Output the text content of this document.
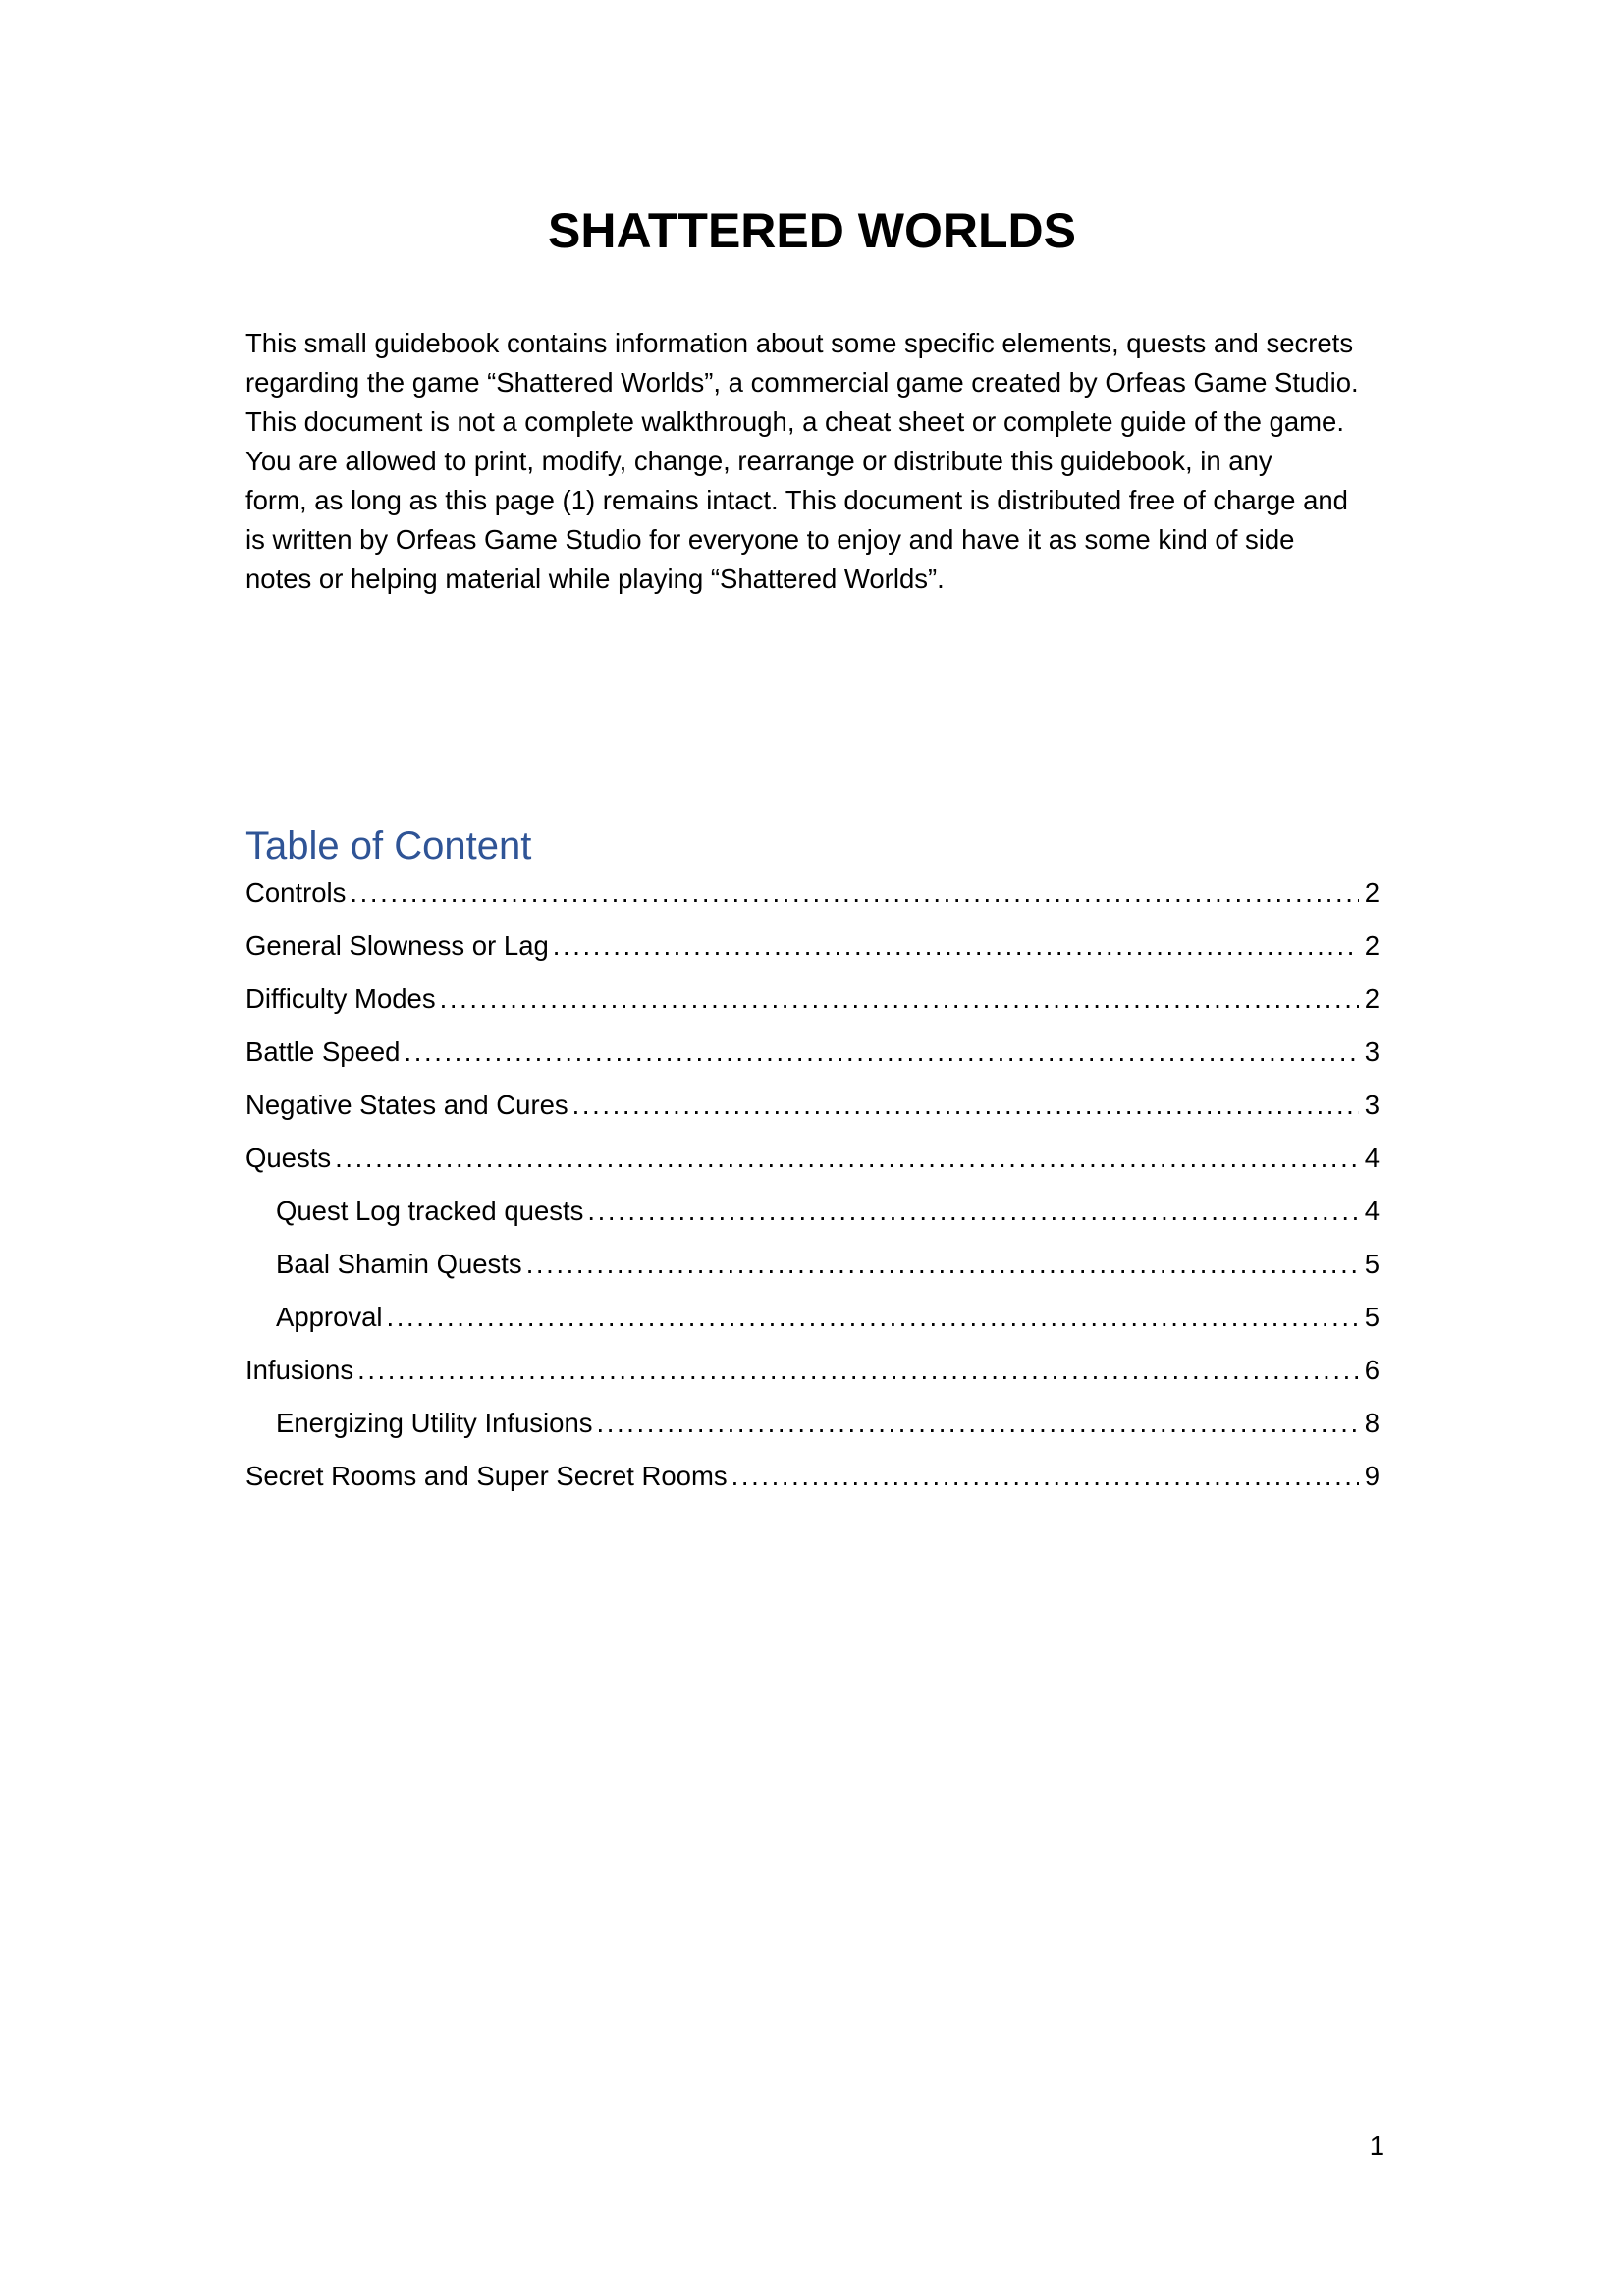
SHATTERED WORLDS
This small guidebook contains information about some specific elements, quests and secrets
regarding the game “Shattered Worlds”, a commercial game created by Orfeas Game Studio.
This document is not a complete walkthrough, a cheat sheet or complete guide of the game.
You are allowed to print, modify, change, rearrange or distribute this guidebook, in any
form, as long as this page (1) remains intact. This document is distributed free of charge and
is written by Orfeas Game Studio for everyone to enjoy and have it as some kind of side
notes or helping material while playing “Shattered Worlds”.
Table of Content
Controls .....	2
General Slowness or Lag .....	2
Difficulty Modes .....	2
Battle Speed .....	3
Negative States and Cures .....	3
Quests .....	4
Quest Log tracked quests .....	4
Baal Shamin Quests .....	5
Approval .....	5
Infusions .....	6
Energizing Utility Infusions .....	8
Secret Rooms and Super Secret Rooms .....	9
1
